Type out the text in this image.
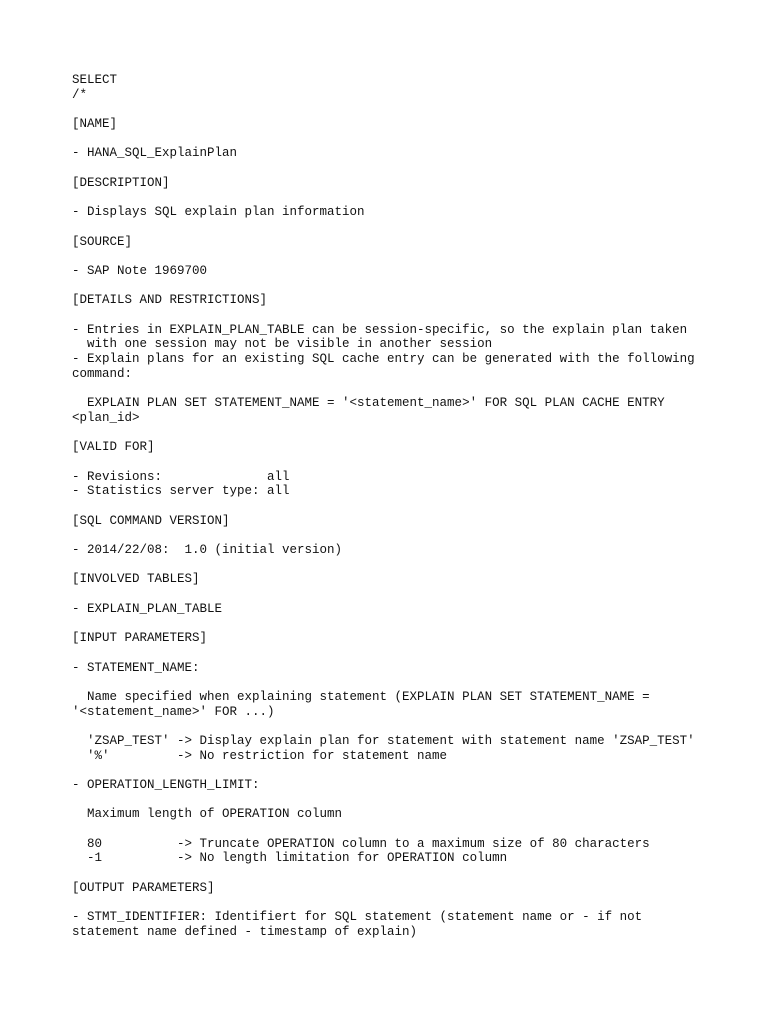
SELECT
/*
[NAME]
- HANA_SQL_ExplainPlan
[DESCRIPTION]
- Displays SQL explain plan information
[SOURCE]
- SAP Note 1969700
[DETAILS AND RESTRICTIONS]
- Entries in EXPLAIN_PLAN_TABLE can be session-specific, so the explain plan taken
with one session may not be visible in another session
- Explain plans for an existing SQL cache entry can be generated with the following
command:
EXPLAIN PLAN SET STATEMENT_NAME = '<statement_name>' FOR SQL PLAN CACHE ENTRY
<plan_id>
[VALID FOR]
- Revisions:              all
- Statistics server type: all
[SQL COMMAND VERSION]
- 2014/22/08:  1.0 (initial version)
[INVOLVED TABLES]
- EXPLAIN_PLAN_TABLE
[INPUT PARAMETERS]
- STATEMENT_NAME:
Name specified when explaining statement (EXPLAIN PLAN SET STATEMENT_NAME =
'<statement_name>' FOR ...)
'ZSAP_TEST' -> Display explain plan for statement with statement name 'ZSAP_TEST'
'%'         -> No restriction for statement name
- OPERATION_LENGTH_LIMIT:
Maximum length of OPERATION column
80          -> Truncate OPERATION column to a maximum size of 80 characters
-1          -> No length limitation for OPERATION column
[OUTPUT PARAMETERS]
- STMT_IDENTIFIER: Identifiert for SQL statement (statement name or - if not
statement name defined - timestamp of explain)
